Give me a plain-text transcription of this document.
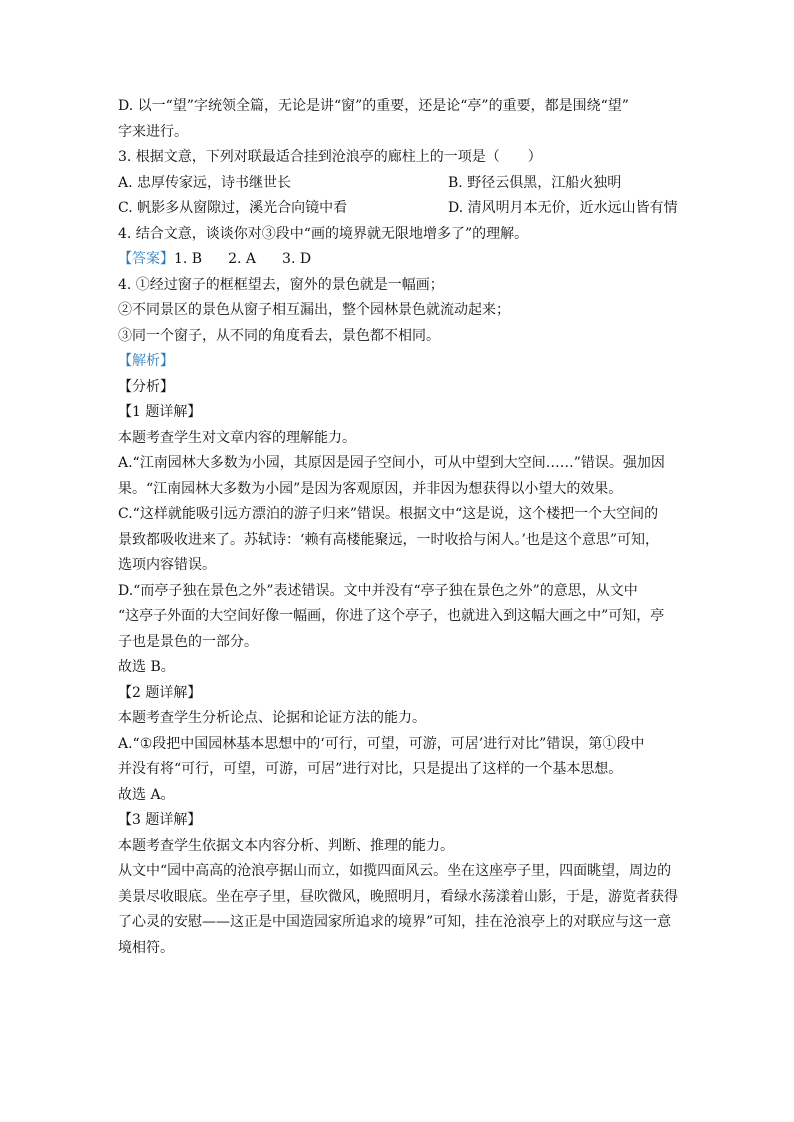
D. 以一“望”字统领全篇，无论是讲“窗”的重要，还是论“亭”的重要，都是围绕“望”

字来进行。

3. 根据文意，下列对联最适合挂到沧浪亭的廊柱上的一项是（　　）

A. 忠厚传家远，诗书继世长	B. 野径云俱黑，江船火独明
C. 帆影多从窗隙过，溪光合向镜中看	D. 清风明月本无价，近水远山皆有情

4. 结合文意，谈谈你对③段中“画的境界就无限地增多了”的理解。

【答案】1. B 2. A 3. D

4. ①经过窗子的框框望去，窗外的景色就是一幅画；

②不同景区的景色从窗子相互漏出，整个园林景色就流动起来；

③同一个窗子，从不同的角度看去，景色都不相同。

【解析】

【分析】

【1 题详解】

本题考查学生对文章内容的理解能力。

A.“江南园林大多数为小园，其原因是园子空间小，可从中望到大空间……”错误。强加因

果。“江南园林大多数为小园”是因为客观原因，并非因为想获得以小望大的效果。

C.“这样就能吸引远方漂泊的游子归来”错误。根据文中“这是说，这个楼把一个大空间的

景致都吸收进来了。苏轼诗：‘赖有高楼能聚远，一时收拾与闲人。’也是这个意思”可知，

选项内容错误。

D.“而亭子独在景色之外”表述错误。文中并没有“亭子独在景色之外”的意思，从文中

“这亭子外面的大空间好像一幅画，你进了这个亭子，也就进入到这幅大画之中”可知，亭

子也是景色的一部分。

故选 B。

【2 题详解】

本题考查学生分析论点、论据和论证方法的能力。

A.“①段把中国园林基本思想中的‘可行，可望，可游，可居’进行对比”错误，第①段中

并没有将“可行，可望，可游，可居”进行对比，只是提出了这样的一个基本思想。

故选 A。

【3 题详解】

本题考查学生依据文本内容分析、判断、推理的能力。

从文中“园中高高的沧浪亭据山而立，如揽四面风云。坐在这座亭子里，四面眺望，周边的

美景尽收眼底。坐在亭子里，昼吹微风，晚照明月，看绿水荡漾着山影，于是，游览者获得

了心灵的安慰——这正是中国造园家所追求的境界”可知，挂在沧浪亭上的对联应与这一意

境相符。
